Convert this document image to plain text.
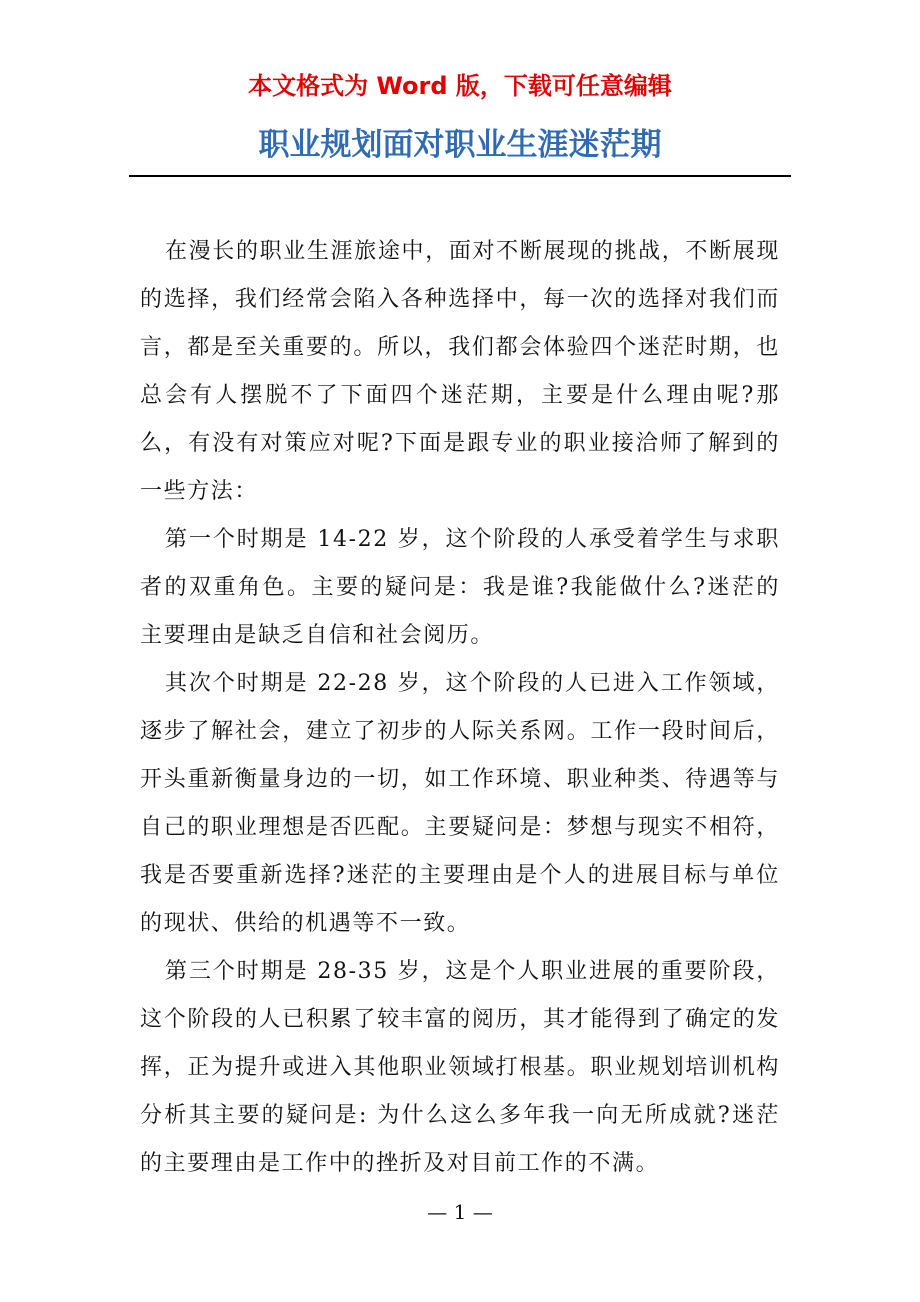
本文格式为 Word 版，下载可任意编辑
职业规划面对职业生涯迷茫期

在漫长的职业生涯旅途中，面对不断展现的挑战，不断展现的选择，我们经常会陷入各种选择中，每一次的选择对我们而言，都是至关重要的。所以，我们都会体验四个迷茫时期，也总会有人摆脱不了下面四个迷茫期，主要是什么理由呢?那么，有没有对策应对呢?下面是跟专业的职业接洽师了解到的一些方法：

第一个时期是 14-22 岁，这个阶段的人承受着学生与求职者的双重角色。主要的疑问是：我是谁?我能做什么?迷茫的主要理由是缺乏自信和社会阅历。

其次个时期是 22-28 岁，这个阶段的人已进入工作领域，逐步了解社会，建立了初步的人际关系网。工作一段时间后，开头重新衡量身边的一切，如工作环境、职业种类、待遇等与自己的职业理想是否匹配。主要疑问是：梦想与现实不相符，我是否要重新选择?迷茫的主要理由是个人的进展目标与单位的现状、供给的机遇等不一致。

第三个时期是 28-35 岁，这是个人职业进展的重要阶段，这个阶段的人已积累了较丰富的阅历，其才能得到了确定的发挥，正为提升或进入其他职业领域打根基。职业规划培训机构分析其主要的疑问是: 为什么这么多年我一向无所成就?迷茫的主要理由是工作中的挫折及对目前工作的不满。

— 1 —
